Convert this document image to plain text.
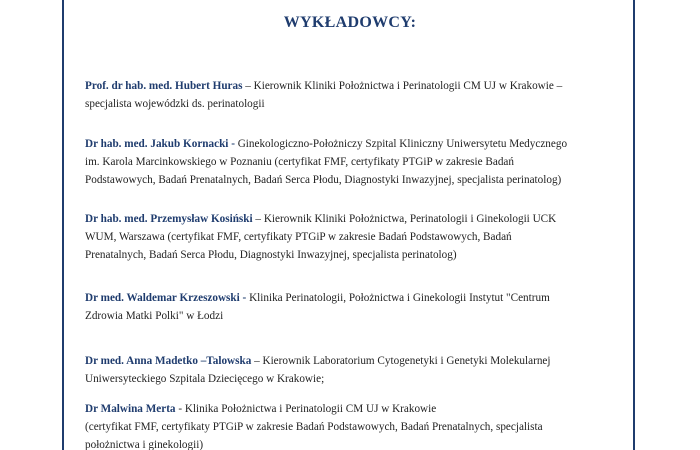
WYKŁADOWCY:
Prof. dr hab. med. Hubert Huras – Kierownik Kliniki Położnictwa i Perinatologii CM UJ w Krakowie –
specjalista wojewódzki ds. perinatologii
Dr hab. med. Jakub Kornacki - Ginekologiczno-Położniczy Szpital Kliniczny Uniwersytetu Medycznego
im. Karola Marcinkowskiego w Poznaniu (certyfikat FMF, certyfikaty PTGiP w zakresie Badań
Podstawowych, Badań Prenatalnych, Badań Serca Płodu, Diagnostyki Inwazyjnej, specjalista perinatolog)
Dr hab. med. Przemysław Kosiński – Kierownik Kliniki Położnictwa, Perinatologii i Ginekologii UCK
WUM, Warszawa (certyfikat FMF, certyfikaty PTGiP w zakresie Badań Podstawowych, Badań
Prenatalnych, Badań Serca Płodu, Diagnostyki Inwazyjnej, specjalista perinatolog)
Dr med. Waldemar Krzeszowski - Klinika Perinatologii, Położnictwa i Ginekologii Instytut "Centrum
Zdrowia Matki Polki" w Łodzi
Dr med. Anna Madetko –Talowska – Kierownik Laboratorium Cytogenetyki i Genetyki Molekularnej
Uniwersyteckiego Szpitala Dziecięcego w Krakowie;
Dr Malwina Merta - Klinika Położnictwa i Perinatologii CM UJ w Krakowie
(certyfikat FMF, certyfikaty PTGiP w zakresie Badań Podstawowych, Badań Prenatalnych, specjalista
położnictwa i ginekologii)
